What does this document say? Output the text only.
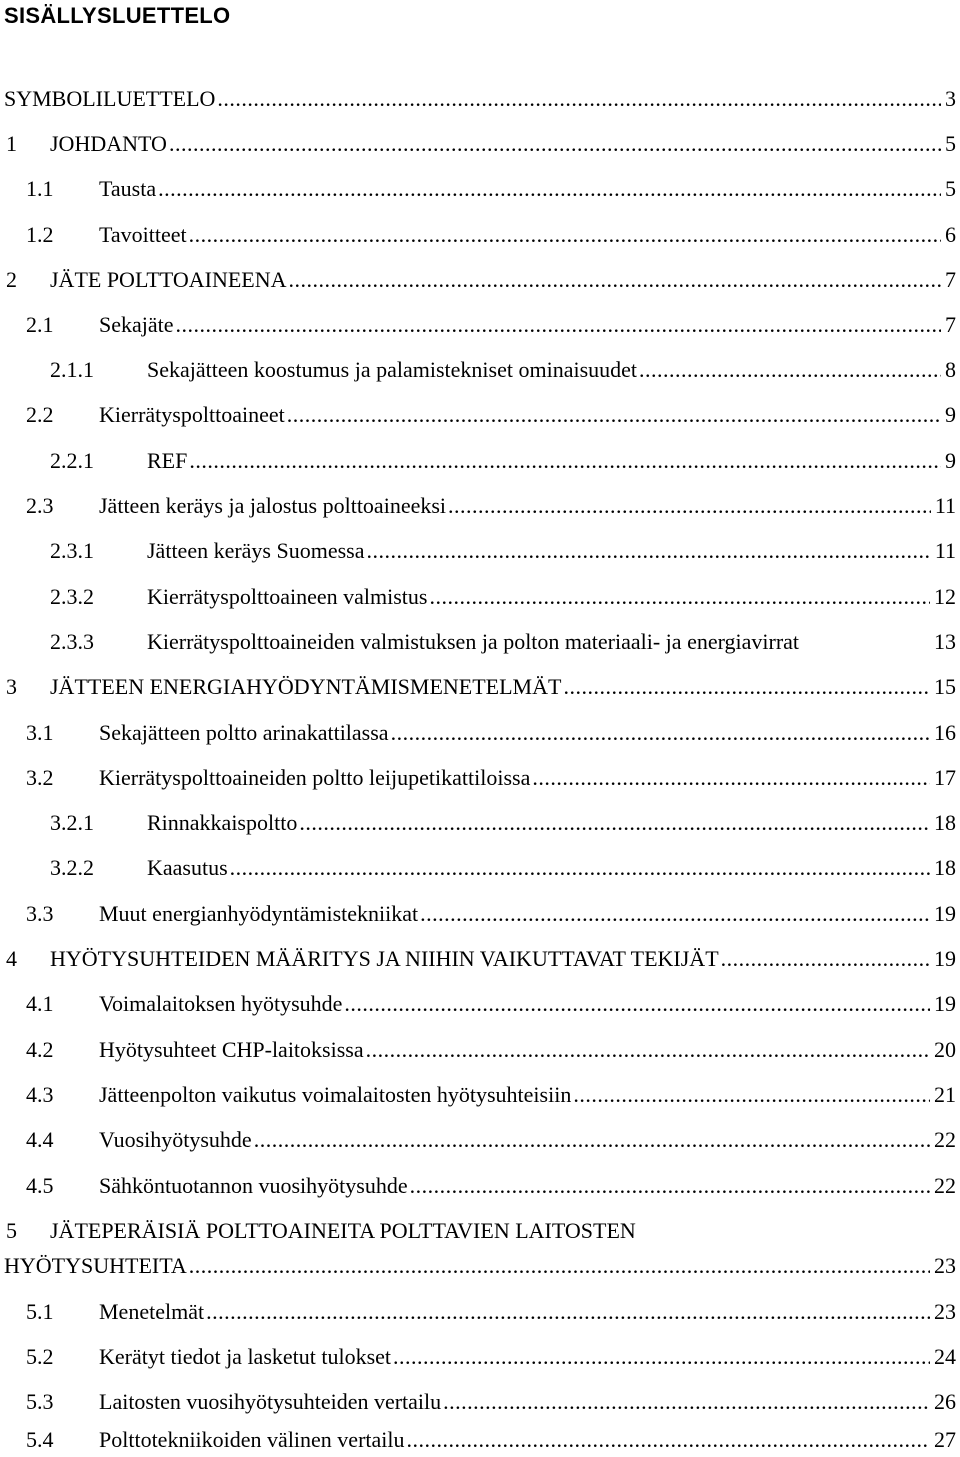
SISÄLLYSLUETTELO
SYMBOLILUETTELO .....	3
1 JOHDANTO .....	5
1.1 Tausta .....	5
1.2 Tavoitteet .....	6
2 JÄTE POLTTOAINEENA .....	7
2.1 Sekajäte .....	7
2.1.1 Sekajätteen koostumus ja palamistekniset ominaisuudet .....	8
2.2 Kierrätyspolttoaineet .....	9
2.2.1 REF .....	9
2.3 Jätteen keräys ja jalostus polttoaineeksi .....	11
2.3.1 Jätteen keräys Suomessa .....	11
2.3.2 Kierrätyspolttoaineen valmistus .....	12
2.3.3 Kierrätyspolttoaineiden valmistuksen ja polton materiaali- ja energiavirrat	13
3 JÄTTEEN ENERGIAHYÖDYNTÄMISMENETELMÄT .....	15
3.1 Sekajätteen poltto arinakattilassa .....	16
3.2 Kierrätyspolttoaineiden poltto leijupetikattiloissa .....	17
3.2.1 Rinnakkaispoltto .....	18
3.2.2 Kaasutus .....	18
3.3 Muut energianhyödyntämistekniikat .....	19
4 HYÖTYSUHTEIDEN MÄÄRITYS JA NIIHIN VAIKUTTAVAT TEKIJÄT .....	19
4.1 Voimalaitoksen hyötysuhde .....	19
4.2 Hyötysuhteet CHP-laitoksissa .....	20
4.3 Jätteenpolton vaikutus voimalaitosten hyötysuhteisiin .....	21
4.4 Vuosihyötysuhde .....	22
4.5 Sähköntuotannon vuosihyötysuhde .....	22
5 JÄTEPERÄISIÄ POLTTOAINEITA POLTTAVIEN LAITOSTEN
HYÖTYSUHTEITA .....	23
5.1 Menetelmät .....	23
5.2 Kerätyt tiedot ja lasketut tulokset .....	24
5.3 Laitosten vuosihyötysuhteiden vertailu .....	26
5.4 Polttotekniikoiden välinen vertailu .....	27
